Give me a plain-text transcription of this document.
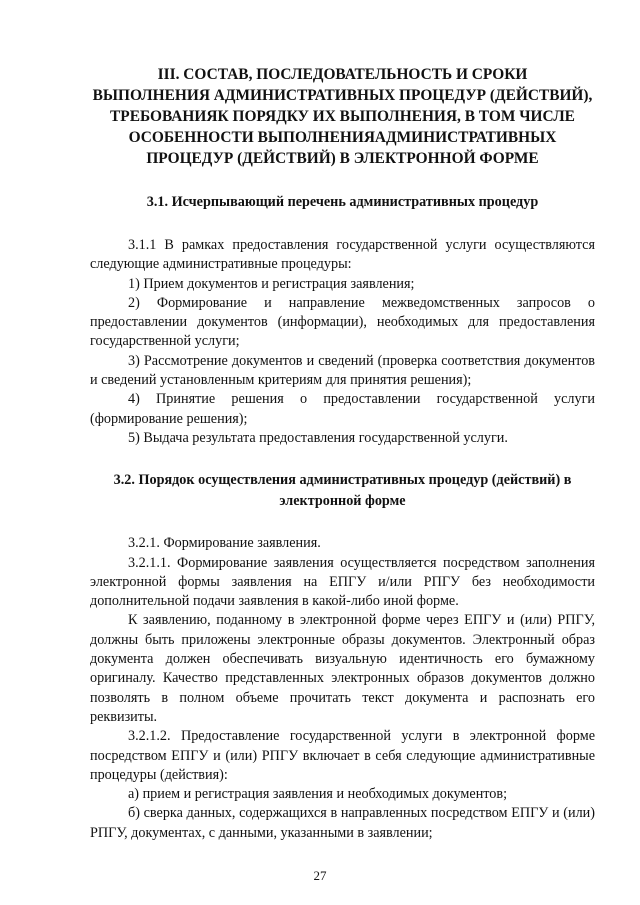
III. СОСТАВ, ПОСЛЕДОВАТЕЛЬНОСТЬ И СРОКИ

ВЫПОЛНЕНИЯ АДМИНИСТРАТИВНЫХ ПРОЦЕДУР (ДЕЙСТВИЙ),

ТРЕБОВАНИЯК ПОРЯДКУ ИХ ВЫПОЛНЕНИЯ, В ТОМ ЧИСЛЕ

ОСОБЕННОСТИ ВЫПОЛНЕНИЯАДМИНИСТРАТИВНЫХ

ПРОЦЕДУР (ДЕЙСТВИЙ) В ЭЛЕКТРОННОЙ ФОРМЕ

3.1. Исчерпывающий перечень административных процедур

3.1.1 В рамках предоставления государственной услуги осуществляются следующие административные процедуры:

1) Прием документов и регистрация заявления;

2) Формирование и направление межведомственных запросов о предоставлении документов (информации), необходимых для предоставления государственной услуги;

3) Рассмотрение документов и сведений (проверка соответствия документов и сведений установленным критериям для принятия решения);

4) Принятие решения о предоставлении государственной услуги (формирование решения);

5) Выдача результата предоставления государственной услуги.

3.2. Порядок осуществления административных процедур (действий) в

электронной форме

3.2.1. Формирование заявления.

3.2.1.1. Формирование заявления осуществляется посредством заполнения электронной формы заявления на ЕПГУ и/или РПГУ без необходимости дополнительной подачи заявления в какой-либо иной форме.

К заявлению, поданному в электронной форме через ЕПГУ и (или) РПГУ, должны быть приложены электронные образы документов. Электронный образ документа должен обеспечивать визуальную идентичность его бумажному оригиналу. Качество представленных электронных образов документов должно позволять в полном объеме прочитать текст документа и распознать его реквизиты.

3.2.1.2. Предоставление государственной услуги в электронной форме посредством ЕПГУ и (или) РПГУ включает в себя следующие административные процедуры (действия):

а) прием и регистрация заявления и необходимых документов;

б) сверка данных, содержащихся в направленных посредством ЕПГУ и (или) РПГУ, документах, с данными, указанными в заявлении;

27
